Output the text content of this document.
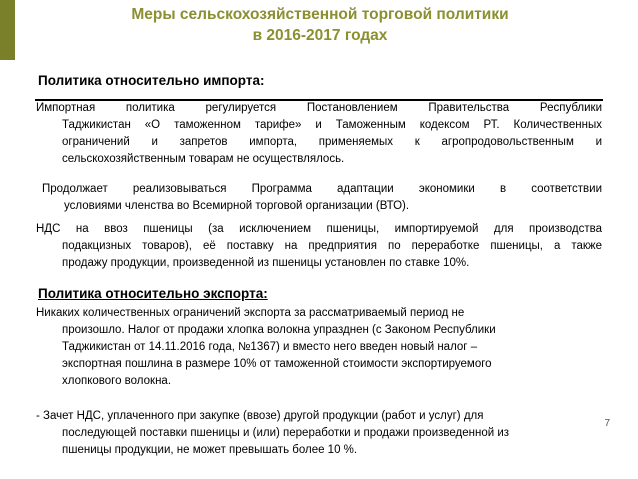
Меры сельскохозяйственной торговой политики
в 2016-2017 годах
Политика относительно импорта:
Импортная политика регулируется Постановлением Правительства Республики
Таджикистан «О таможенном тарифе» и Таможенным кодексом РТ. Количественных
ограничений и запретов импорта, применяемых к агропродовольственным и
сельскохозяйственным товарам не осуществлялось.
Продолжает реализовываться Программа адаптации экономики в соответствии
условиями членства во Всемирной торговой организации (ВТО).
НДС на ввоз пшеницы (за исключением пшеницы, импортируемой для производства
подакцизных товаров), её поставку на предприятия по переработке пшеницы, а также
продажу продукции, произведенной из пшеницы установлен по ставке 10%.
Политика относительно экспорта:
Никаких количественных ограничений экспорта за рассматриваемый период не
произошло. Налог от продажи хлопка волокна упразднен (с Законом Республики
Таджикистан от 14.11.2016 года, №1367) и вместо него введен новый налог –
экспортная пошлина в размере 10% от таможенной стоимости экспортируемого
хлопкового волокна.
- Зачет НДС, уплаченного при закупке (ввозе) другой продукции (работ и услуг) для
последующей поставки пшеницы и (или) переработки и продажи произведенной из
пшеницы продукции, не может превышать более 10 %.
7
